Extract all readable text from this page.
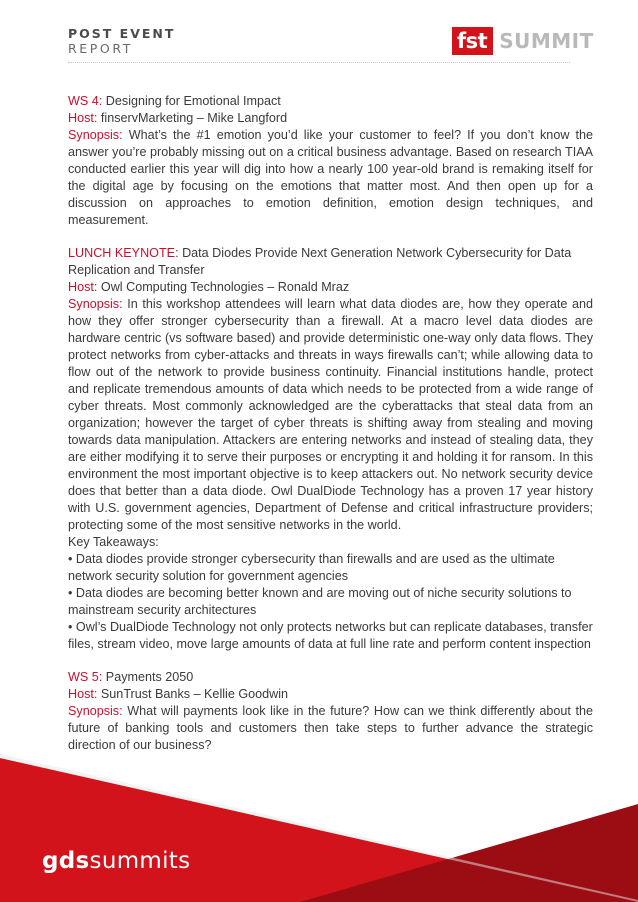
POST EVENT
REPORT	fst SUMMIT

WS 4: Designing for Emotional Impact

Host: finservMarketing – Mike Langford

Synopsis: What’s the #1 emotion you’d like your customer to feel? If you don’t know the answer you’re probably missing out on a critical business advantage. Based on research TIAA conducted earlier this year will dig into how a nearly 100 year-old brand is remaking itself for the digital age by focusing on the emotions that matter most. And then open up for a discussion on approaches to emotion definition, emotion design techniques, and measurement.

LUNCH KEYNOTE: Data Diodes Provide Next Generation Network Cybersecurity for Data Replication and Transfer

Host: Owl Computing Technologies – Ronald Mraz

Synopsis: In this workshop attendees will learn what data diodes are, how they operate and how they offer stronger cybersecurity than a firewall. At a macro level data diodes are hardware centric (vs software based) and provide deterministic one-way only data flows. They protect networks from cyber-attacks and threats in ways firewalls can’t; while allowing data to flow out of the network to provide business continuity. Financial institutions handle, protect and replicate tremendous amounts of data which needs to be protected from a wide range of cyber threats. Most commonly acknowledged are the cyberattacks that steal data from an organization; however the target of cyber threats is shifting away from stealing and moving towards data manipulation. Attackers are entering networks and instead of stealing data, they are either modifying it to serve their purposes or encrypting it and holding it for ransom. In this environment the most important objective is to keep attackers out. No network security device does that better than a data diode. Owl DualDiode Technology has a proven 17 year history with U.S. government agencies, Department of Defense and critical infrastructure providers; protecting some of the most sensitive networks in the world.

Key Takeaways:

• Data diodes provide stronger cybersecurity than firewalls and are used as the ultimate network security solution for government agencies

• Data diodes are becoming better known and are moving out of niche security solutions to mainstream security architectures

• Owl’s DualDiode Technology not only protects networks but can replicate databases, transfer files, stream video, move large amounts of data at full line rate and perform content inspection

WS 5: Payments 2050

Host: SunTrust Banks – Kellie Goodwin

Synopsis: What will payments look like in the future? How can we think differently about the future of banking tools and customers then take steps to further advance the strategic direction of our business?

gdssummits
